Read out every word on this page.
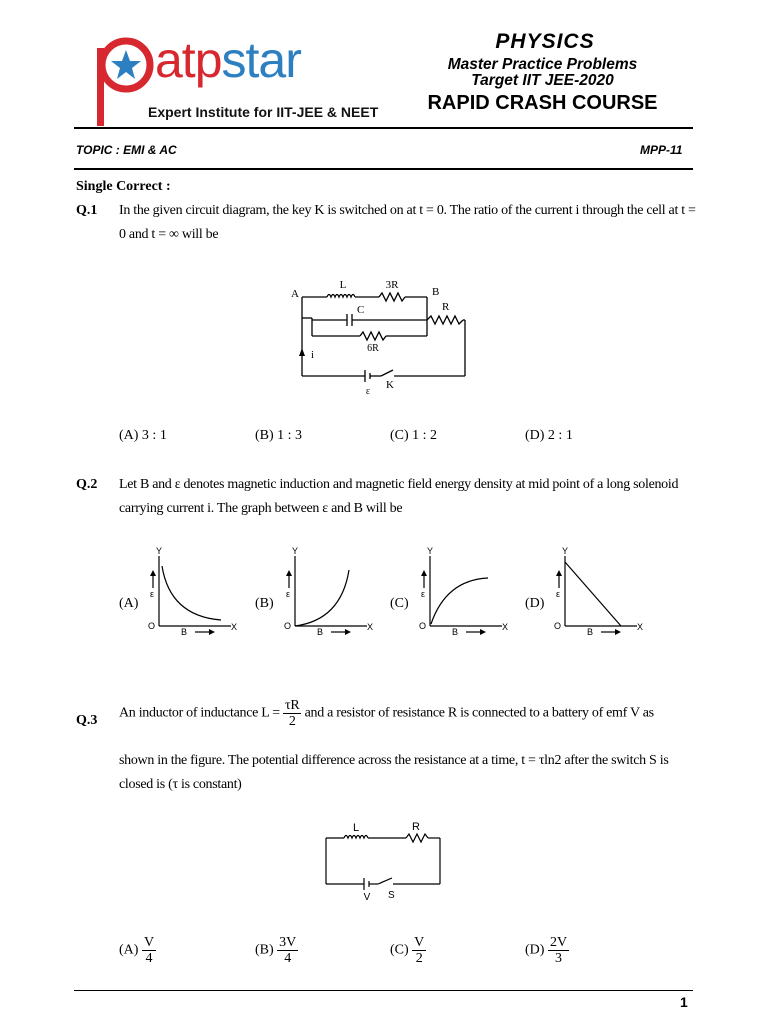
atpstar
Expert Institute for IIT-JEE & NEET
PHYSICS
Master Practice Problems
Target IIT JEE-2020
RAPID CRASH COURSE
TOPIC : EMI & AC	MPP-11
Single Correct :
Q.1 In the given circuit diagram, the key K is switched on at t = 0. The ratio of the current i through the cell at t = 0 and t = ∞ will be
A
L	3R
B
R
C
6R
i
ε
K
(A) 3 : 1	(B) 1 : 3	(C) 1 : 2	(D) 2 : 1
Q.2 Let B and ε denotes magnetic induction and magnetic field energy density at mid point of a long solenoid carrying current i. The graph between ε and B will be
(A)	(B)	(C)	(D)
Y
O	X
B
ε
Y
O	X
B
ε
Y
O	X
B
ε
Y
O	X
B
ε
Q.3 An inductor of inductance $L = \frac{\tau R}{2}$ and a resistor of resistance R is connected to a battery of emf V as
shown in the figure. The potential difference across the resistance at a time, t = τln2 after the switch S is closed is (τ is constant)
L	R
V S
$(A) \frac{V}{4}$	$(B) \frac{3V}{4}$	$(C) \frac{V}{2}$	$(D) \frac{2V}{3}$
1
